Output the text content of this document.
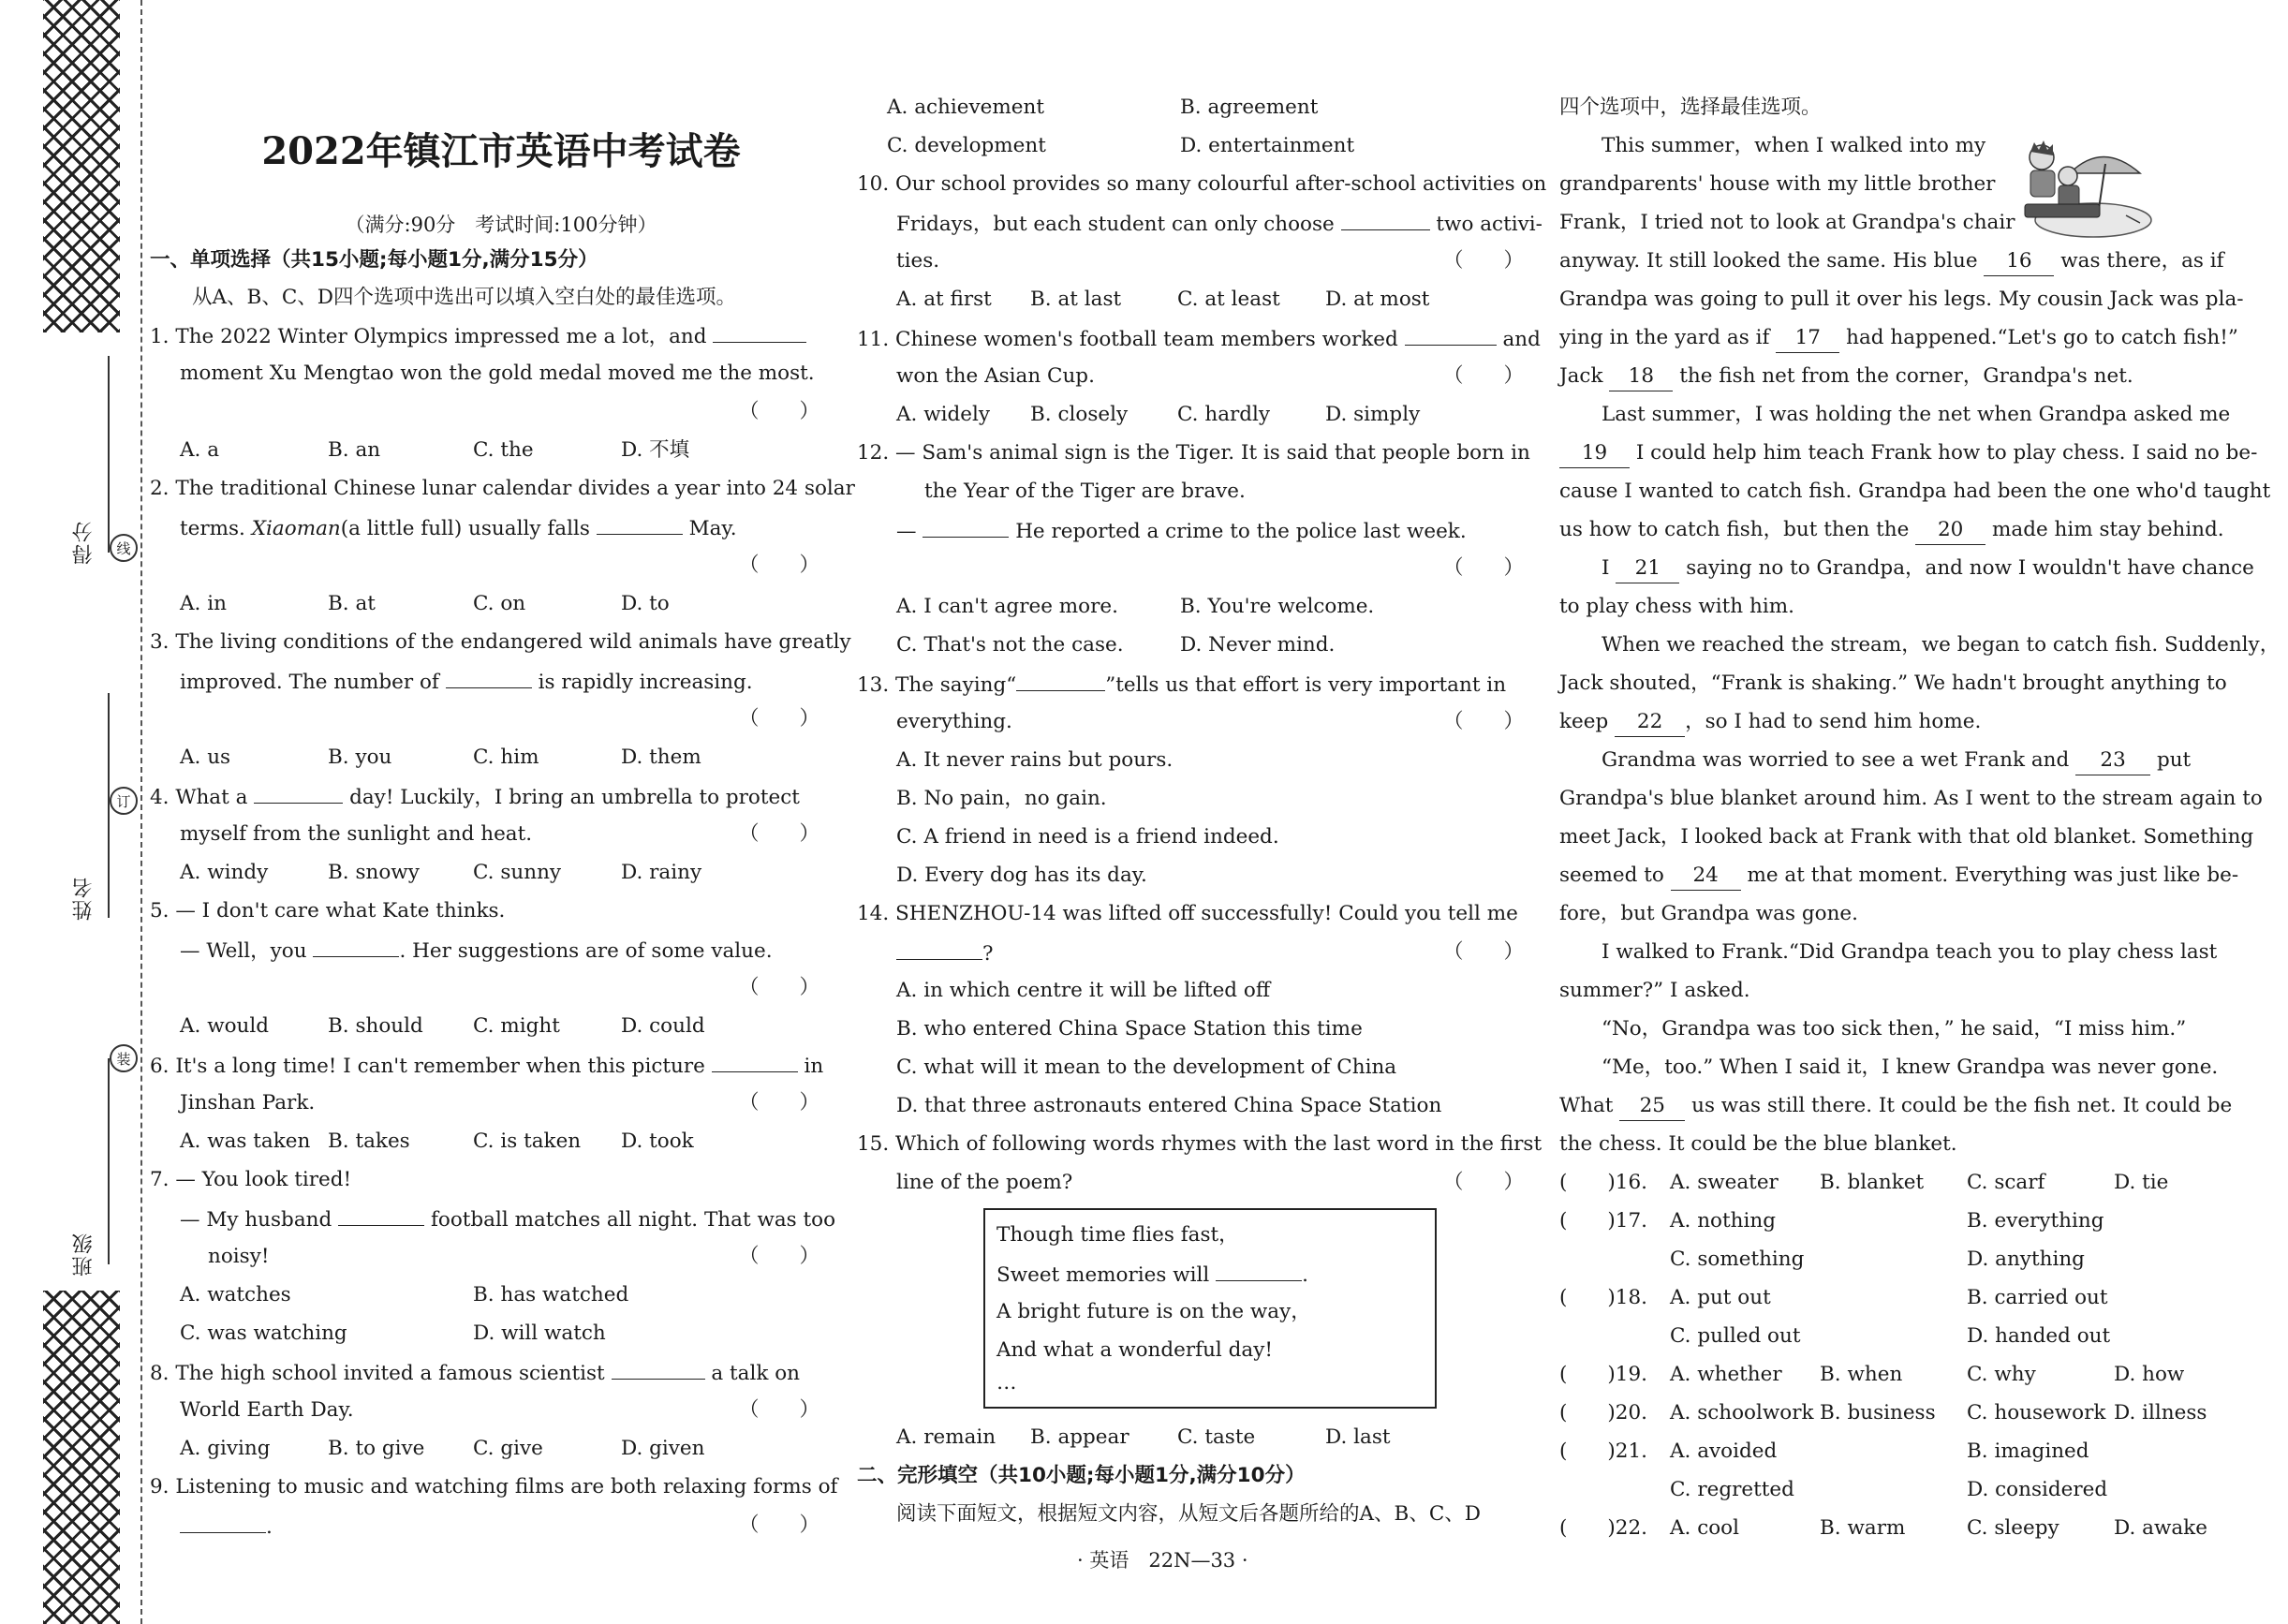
得分
姓名
班级
线
订
装
2022年镇江市英语中考试卷
（满分:90分　考试时间:100分钟）
一、单项选择（共15小题;每小题1分,满分15分）
从A、B、C、D四个选项中选出可以填入空白处的最佳选项。
1. The 2022 Winter Olympics impressed me a lot，and
moment Xu Mengtao won the gold medal moved me the most.
（　　）
A. a	B. an	C. the	D. 不填
2. The traditional Chinese lunar calendar divides a year into 24 solar
terms. Xiaoman(a little full) usually falls	May.
（　　）
A. in	B. at	C. on	D. to
3. The living conditions of the endangered wild animals have greatly
improved. The number of	is rapidly increasing.
（　　）
A. us	B. you	C. him	D. them
4. What a	day! Luckily，I bring an umbrella to protect
myself from the sunlight and heat.	（　　）
A. windy	B. snowy	C. sunny	D. rainy
5. — I don't care what Kate thinks.
— Well，you	. Her suggestions are of some value.
（　　）
A. would	B. should C. might	D. could
6. It's a long time! I can't remember when this picture	in
Jinshan Park.	（　　）
A. was taken B. takes	C. is taken D. took
7. — You look tired!
— My husband	football matches all night. That was too
noisy!	（　　）
A. watches	B. has watched
C. was watching	D. will watch
8. The high school invited a famous scientist	a talk on
World Earth Day.	（　　）
A. giving	B. to give C. give	D. given
9. Listening to music and watching films are both relaxing forms of
.	（　　）
A. achievement	B. agreement
C. development	D. entertainment
10. Our school provides so many colourful after-school activities on
Fridays，but each student can only choose	two activi-
ties.	（　　）
A. at first B. at last	C. at least D. at most
11. Chinese women's football team members worked	and
won the Asian Cup.	（　　）
A. widely B. closely C. hardly	D. simply
12. — Sam's animal sign is the Tiger. It is said that people born in
the Year of the Tiger are brave.
—	He reported a crime to the police last week.
（　　）
A. I can't agree more.	B. You're welcome.
C. That's not the case.	D. Never mind.
13. The saying“	”tells us that effort is very important in
everything.	（　　）
A. It never rains but pours.
B. No pain，no gain.
C. A friend in need is a friend indeed.
D. Every dog has its day.
14. SHENZHOU-14 was lifted off successfully! Could you tell me
?	（　　）
A. in which centre it will be lifted off
B. who entered China Space Station this time
C. what will it mean to the development of China
D. that three astronauts entered China Space Station
15. Which of following words rhymes with the last word in the first
line of the poem?	（　　）
A. remain B. appear C. taste	D. last
二、完形填空（共10小题;每小题1分,满分10分）
阅读下面短文，根据短文内容，从短文后各题所给的A、B、C、D
Though time flies fast，
Sweet memories will	.
A bright future is on the way，
And what a wonderful day!
…
四个选项中，选择最佳选项。
This summer，when I walked into my
grandparents' house with my little brother
Frank，I tried not to look at Grandpa's chair
anyway. It still looked the same. His blue 16 was there，as if
Grandpa was going to pull it over his legs. My cousin Jack was pla-
ying in the yard as if 17 had happened.“Let's go to catch fish!”
Jack 18 the fish net from the corner，Grandpa's net.
Last summer，I was holding the net when Grandpa asked me
19 I could help him teach Frank how to play chess. I said no be-
cause I wanted to catch fish. Grandpa had been the one who'd taught
us how to catch fish，but then the 20 made him stay behind.
I 21 saying no to Grandpa，and now I wouldn't have chance
to play chess with him.
When we reached the stream，we began to catch fish. Suddenly，
Jack shouted，“Frank is shaking.” We hadn't brought anything to
keep 22 ，so I had to send him home.
Grandma was worried to see a wet Frank and 23 put
Grandpa's blue blanket around him. As I went to the stream again to
meet Jack，I looked back at Frank with that old blanket. Something
seemed to 24 me at that moment. Everything was just like be-
fore，but Grandpa was gone.
I walked to Frank.“Did Grandpa teach you to play chess last
summer?” I asked.
“No，Grandpa was too sick then，” he said，“I miss him.”
“Me，too.” When I said it，I knew Grandpa was never gone.
What 25 us was still there. It could be the fish net. It could be
the chess. It could be the blue blanket.
(　　)16. A. sweater B. blanket C. scarf	D. tie
(　　)17. A. nothing	B. everything
C. something	D. anything
(　　)18. A. put out	B. carried out
C. pulled out	D. handed out
(　　)19. A. whether B. when	C. why	D. how
(　　)20. A. schoolwork B. business C. housework D. illness
(　　)21. A. avoided	B. imagined
C. regretted	D. considered
(　　)22. A. cool	B. warm	C. sleepy	D. awake
· 英语　22N—33 ·
